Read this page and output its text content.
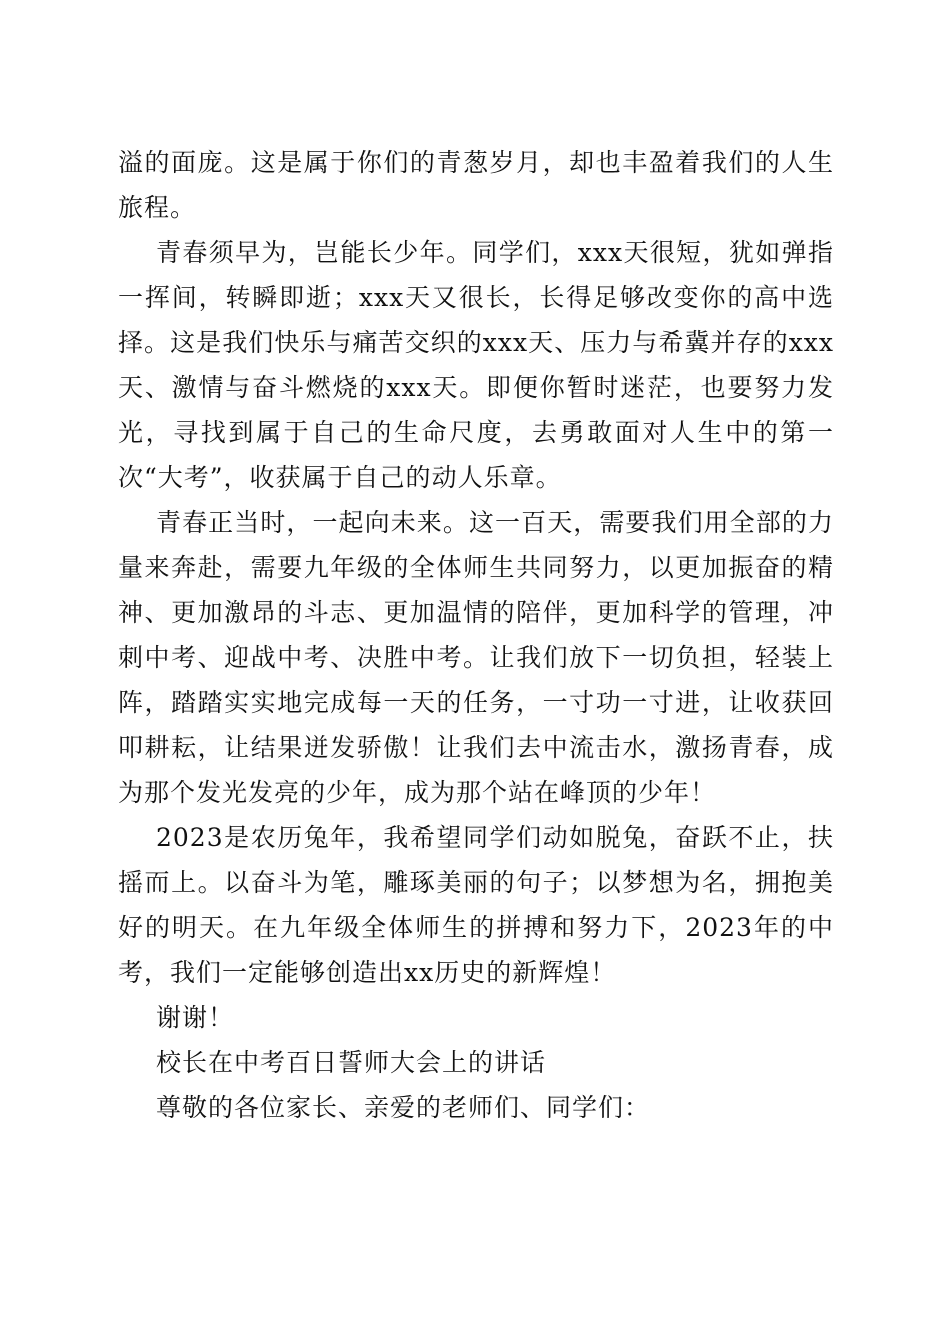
溢的面庞。这是属于你们的青葱岁月，却也丰盈着我们的人生旅程。

青春须早为，岂能长少年。同学们，xxx天很短，犹如弹指一挥间，转瞬即逝；xxx天又很长，长得足够改变你的高中选择。这是我们快乐与痛苦交织的xxx天、压力与希冀并存的xxx天、激情与奋斗燃烧的xxx天。即便你暂时迷茫，也要努力发光，寻找到属于自己的生命尺度，去勇敢面对人生中的第一次“大考”，收获属于自己的动人乐章。

青春正当时，一起向未来。这一百天，需要我们用全部的力量来奔赴，需要九年级的全体师生共同努力，以更加振奋的精神、更加激昂的斗志、更加温情的陪伴，更加科学的管理，冲刺中考、迎战中考、决胜中考。让我们放下一切负担，轻装上阵，踏踏实实地完成每一天的任务，一寸功一寸进，让收获回叩耕耘，让结果迸发骄傲！让我们去中流击水，激扬青春，成为那个发光发亮的少年，成为那个站在峰顶的少年！

2023是农历兔年，我希望同学们动如脱兔，奋跃不止，扶摇而上。以奋斗为笔，雕琢美丽的句子；以梦想为名，拥抱美好的明天。在九年级全体师生的拼搏和努力下，2023年的中考，我们一定能够创造出xx历史的新辉煌！

谢谢！

校长在中考百日誓师大会上的讲话

尊敬的各位家长、亲爱的老师们、同学们：
